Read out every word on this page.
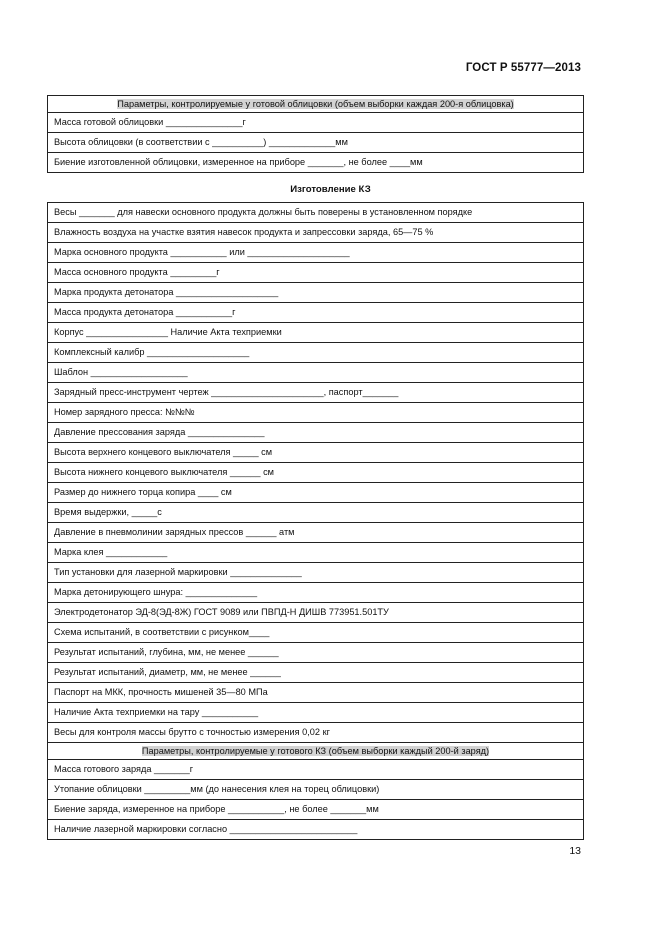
ГОСТ Р 55777—2013
Параметры, контролируемые у готовой облицовки (объем выборки каждая 200-я облицовка)
Масса готовой облицовки _______________г
Высота облицовки (в соответствии с __________) _____________мм
Биение изготовленной облицовки, измеренное на приборе _______, не более ____мм
Изготовление КЗ
Весы _______ для навески основного продукта должны быть поверены в установленном порядке
Влажность воздуха на участке взятия навесок продукта и запрессовки заряда, 65—75 %
Марка основного продукта ___________ или ____________________
Масса основного продукта _________г
Марка продукта детонатора ____________________
Масса продукта детонатора ___________г
Корпус ________________ Наличие Акта техприемки
Комплексный калибр ____________________
Шаблон ___________________
Зарядный пресс-инструмент чертеж ______________________, паспорт_______
Номер зарядного пресса: №№№
Давление прессования заряда _______________
Высота верхнего концевого выключателя _____ см
Высота нижнего концевого выключателя ______ см
Размер до нижнего торца копира ____ см
Время выдержки, _____с
Давление в пневмолинии зарядных прессов ______ атм
Марка клея ____________
Тип установки для лазерной маркировки ______________
Марка детонирующего шнура: ______________
Электродетонатор ЭД-8(ЭД-8Ж) ГОСТ 9089 или ПВПД-Н ДИШВ 773951.501ТУ
Схема испытаний, в соответствии с рисунком____
Результат испытаний, глубина, мм, не менее ______
Результат испытаний, диаметр, мм, не менее ______
Паспорт на МКК, прочность мишеней 35—80 МПа
Наличие Акта техприемки на тару ___________
Весы для контроля массы брутто с точностью измерения 0,02 кг
Параметры, контролируемые у готового КЗ (объем выборки каждый 200-й заряд)
Масса готового заряда _______г
Утопание облицовки _________мм (до нанесения клея на торец облицовки)
Биение заряда, измеренное на приборе ___________, не более _______мм
Наличие лазерной маркировки согласно _________________________
13
